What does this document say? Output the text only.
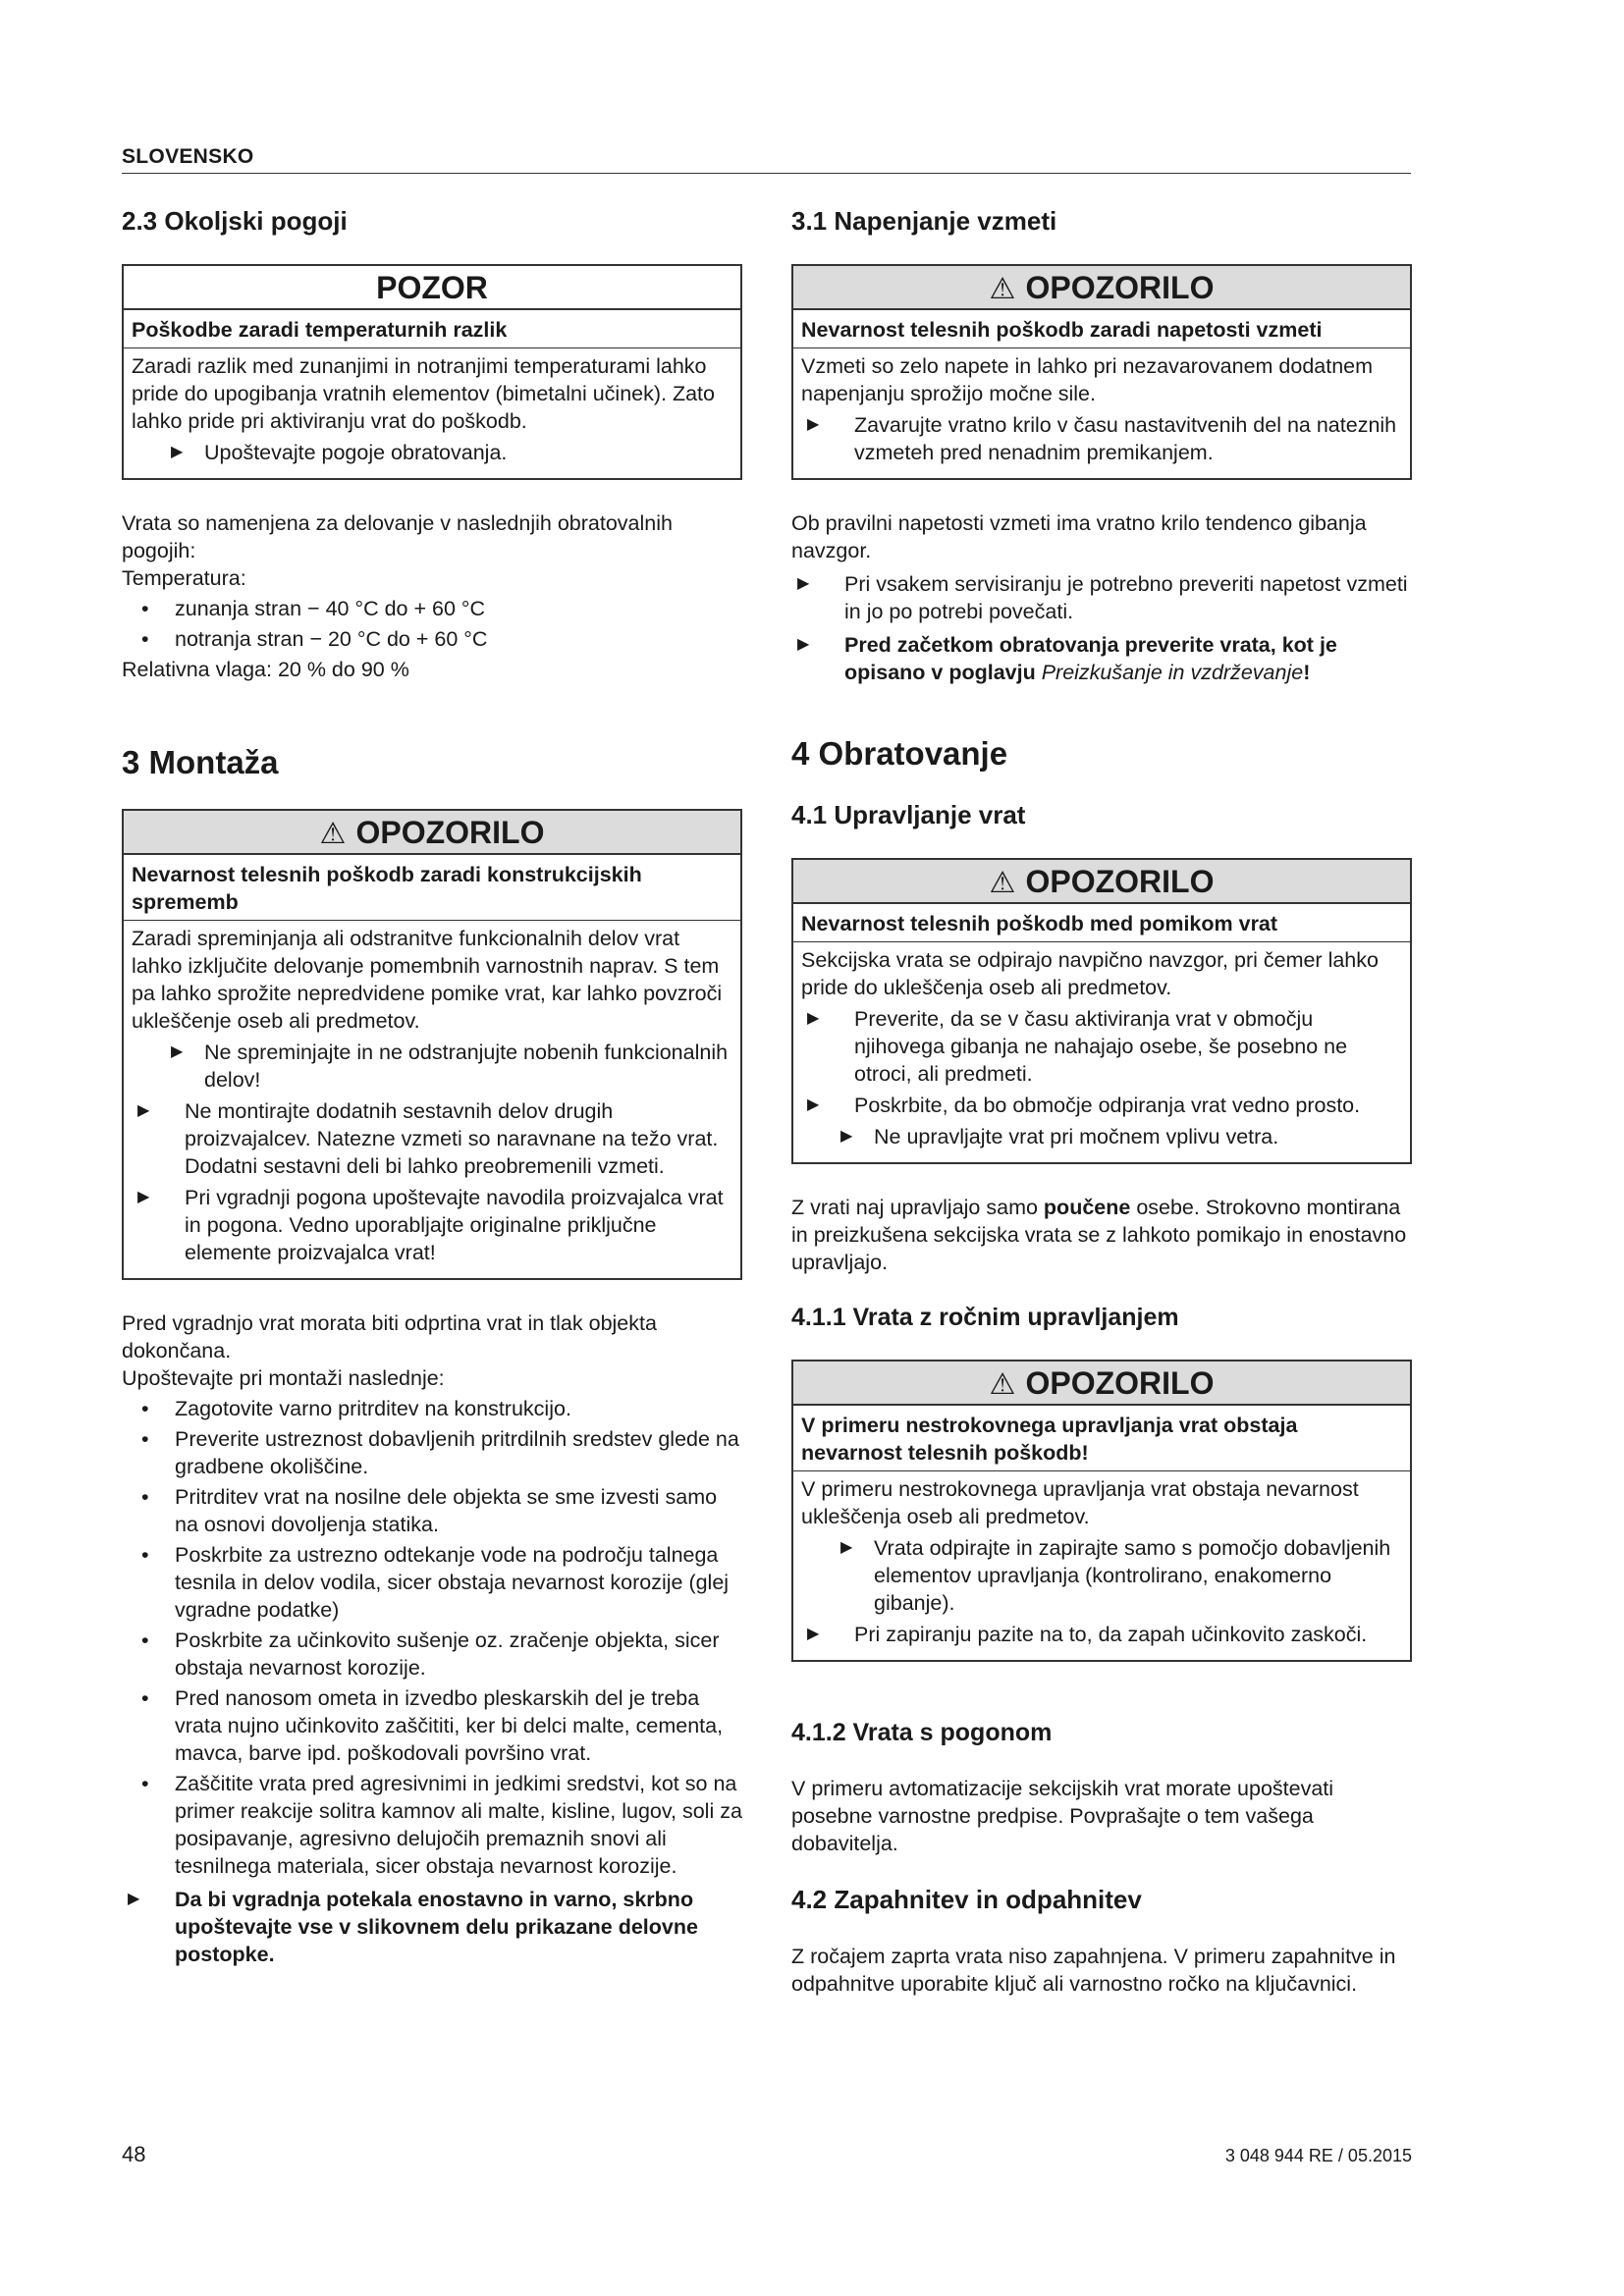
SLOVENSKO
2.3 Okoljski pogoji
POZOR
Poškodbe zaradi temperaturnih razlik

Zaradi razlik med zunanjimi in notranjimi temperaturami lahko pride do upogibanja vratnih elementov (bimetalni učinek). Zato lahko pride pri aktiviranju vrat do poškodb.

▶ Upoštevajte pogoje obratovanja.

Vrata so namenjena za delovanje v naslednjih obratovalnih pogojih:

Temperatura:

• zunanja stran − 40 °C do + 60 °C
• notranja stran − 20 °C do + 60 °C

Relativna vlaga: 20 % do 90 %

3 Montaža
⚠ OPOZORILO
Nevarnost telesnih poškodb zaradi konstrukcijskih sprememb

Zaradi spreminjanja ali odstranitve funkcionalnih delov vrat lahko izključite delovanje pomembnih varnostnih naprav. S tem pa lahko sprožite nepredvidene pomike vrat, kar lahko povzroči ukleščenje oseb ali predmetov.

▶ Ne spreminjajte in ne odstranjujte nobenih funkcionalnih delov!
▶ Ne montirajte dodatnih sestavnih delov drugih proizvajalcev. Natezne vzmeti so naravnane na težo vrat. Dodatni sestavni deli bi lahko preobremenili vzmeti.
▶ Pri vgradnji pogona upoštevajte navodila proizvajalca vrat in pogona. Vedno uporabljajte originalne priključne elemente proizvajalca vrat!

Pred vgradnjo vrat morata biti odprtina vrat in tlak objekta dokončana.

Upoštevajte pri montaži naslednje:

• Zagotovite varno pritrditev na konstrukcijo.
• Preverite ustreznost dobavljenih pritrdilnih sredstev glede na gradbene okoliščine.
• Pritrditev vrat na nosilne dele objekta se sme izvesti samo na osnovi dovoljenja statika.
• Poskrbite za ustrezno odtekanje vode na področju talnega tesnila in delov vodila, sicer obstaja nevarnost korozije (glej vgradne podatke)
• Poskrbite za učinkovito sušenje oz. zračenje objekta, sicer obstaja nevarnost korozije.
• Pred nanosom ometa in izvedbo pleskarskih del je treba vrata nujno učinkovito zaščititi, ker bi delci malte, cementa, mavca, barve ipd. poškodovali površino vrat.
• Zaščitite vrata pred agresivnimi in jedkimi sredstvi, kot so na primer reakcije solitra kamnov ali malte, kisline, lugov, soli za posipavanje, agresivno delujočih premaznih snovi ali tesnilnega materiala, sicer obstaja nevarnost korozije.
▶ Da bi vgradnja potekala enostavno in varno, skrbno upoštevajte vse v slikovnem delu prikazane delovne postopke.
3.1 Napenjanje vzmeti
⚠ OPOZORILO
Nevarnost telesnih poškodb zaradi napetosti vzmeti

Vzmeti so zelo napete in lahko pri nezavarovanem dodatnem napenjanju sprožijo močne sile.

▶ Zavarujte vratno krilo v času nastavitvenih del na nateznih vzmeteh pred nenadnim premikanjem.

Ob pravilni napetosti vzmeti ima vratno krilo tendenco gibanja navzgor.

▶ Pri vsakem servisiranju je potrebno preveriti napetost vzmeti in jo po potrebi povečati.
▶ Pred začetkom obratovanja preverite vrata, kot je opisano v poglavju Preizkušanje in vzdrževanje!
4 Obratovanje
4.1 Upravljanje vrat
⚠ OPOZORILO
Nevarnost telesnih poškodb med pomikom vrat

Sekcijska vrata se odpirajo navpično navzgor, pri čemer lahko pride do ukleščenja oseb ali predmetov.

▶ Preverite, da se v času aktiviranja vrat v območju njihovega gibanja ne nahajajo osebe, še posebno ne otroci, ali predmeti.
▶ Poskrbite, da bo območje odpiranja vrat vedno prosto.
▶ Ne upravljajte vrat pri močnem vplivu vetra.

Z vrati naj upravljajo samo poučene osebe. Strokovno montirana in preizkušena sekcijska vrata se z lahkoto pomikajo in enostavno upravljajo.

4.1.1 Vrata z ročnim upravljanjem
⚠ OPOZORILO
V primeru nestrokovnega upravljanja vrat obstaja nevarnost telesnih poškodb!

V primeru nestrokovnega upravljanja vrat obstaja nevarnost ukleščenja oseb ali predmetov.

▶ Vrata odpirajte in zapirajte samo s pomočjo dobavljenih elementov upravljanja (kontrolirano, enakomerno gibanje).
▶ Pri zapiranju pazite na to, da zapah učinkovito zaskoči.
4.1.2 Vrata s pogonom

V primeru avtomatizacije sekcijskih vrat morate upoštevati posebne varnostne predpise. Povprašajte o tem vašega dobavitelja.

4.2 Zapahnitev in odpahnitev

Z ročajem zaprta vrata niso zapahnjena. V primeru zapahnitve in odpahnitve uporabite ključ ali varnostno ročko na ključavnici.

48	3 048 944 RE / 05.2015
